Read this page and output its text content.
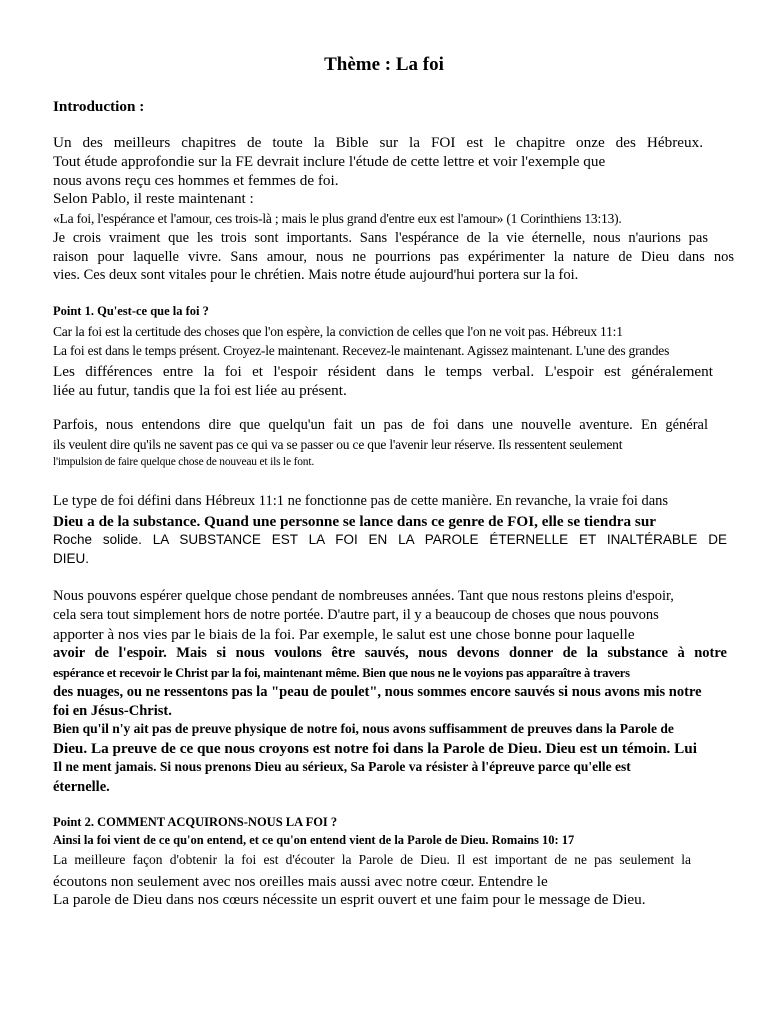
Thème : La foi
Introduction :
Un des meilleurs chapitres de toute la Bible sur la FOI est le chapitre onze des Hébreux.
Tout étude approfondie sur la FE devrait inclure l'étude de cette lettre et voir l'exemple que
nous avons reçu ces hommes et femmes de foi.
Selon Pablo, il reste maintenant :
«La foi, l'espérance et l'amour, ces trois-là ; mais le plus grand d'entre eux est l'amour» (1 Corinthiens 13:13).
Je crois vraiment que les trois sont importants. Sans l'espérance de la vie éternelle, nous n'aurions pas
raison pour laquelle vivre. Sans amour, nous ne pourrions pas expérimenter la nature de Dieu dans nos
vies. Ces deux sont vitales pour le chrétien. Mais notre étude aujourd'hui portera sur la foi.
Point 1. Qu'est-ce que la foi ?
Car la foi est la certitude des choses que l'on espère, la conviction de celles que l'on ne voit pas. Hébreux 11:1
La foi est dans le temps présent. Croyez-le maintenant. Recevez-le maintenant. Agissez maintenant. L'une des grandes
Les différences entre la foi et l'espoir résident dans le temps verbal. L'espoir est généralement
liée au futur, tandis que la foi est liée au présent.
Parfois, nous entendons dire que quelqu'un fait un pas de foi dans une nouvelle aventure. En général
ils veulent dire qu'ils ne savent pas ce qui va se passer ou ce que l'avenir leur réserve. Ils ressentent seulement
l'impulsion de faire quelque chose de nouveau et ils le font.
Le type de foi défini dans Hébreux 11:1 ne fonctionne pas de cette manière. En revanche, la vraie foi dans
Dieu a de la substance. Quand une personne se lance dans ce genre de FOI, elle se tiendra sur
Roche solide. LA SUBSTANCE EST LA FOI EN LA PAROLE ÉTERNELLE ET INALTÉRABLE DE
DIEU.
Nous pouvons espérer quelque chose pendant de nombreuses années. Tant que nous restons pleins d'espoir,
cela sera tout simplement hors de notre portée. D'autre part, il y a beaucoup de choses que nous pouvons
apporter à nos vies par le biais de la foi. Par exemple, le salut est une chose bonne pour laquelle
avoir de l'espoir. Mais si nous voulons être sauvés, nous devons donner de la substance à notre
espérance et recevoir le Christ par la foi, maintenant même. Bien que nous ne le voyions pas apparaître à travers
des nuages, ou ne ressentons pas la "peau de poulet", nous sommes encore sauvés si nous avons mis notre
foi en Jésus-Christ.
Bien qu'il n'y ait pas de preuve physique de notre foi, nous avons suffisamment de preuves dans la Parole de
Dieu. La preuve de ce que nous croyons est notre foi dans la Parole de Dieu. Dieu est un témoin. Lui
Il ne ment jamais. Si nous prenons Dieu au sérieux, Sa Parole va résister à l'épreuve parce qu'elle est
éternelle.
Point 2. COMMENT ACQUIRONS-NOUS LA FOI ?
Ainsi la foi vient de ce qu'on entend, et ce qu'on entend vient de la Parole de Dieu. Romains 10: 17
La meilleure façon d'obtenir la foi est d'écouter la Parole de Dieu. Il est important de ne pas seulement la
écoutons non seulement avec nos oreilles mais aussi avec notre cœur. Entendre le
La parole de Dieu dans nos cœurs nécessite un esprit ouvert et une faim pour le message de Dieu.
